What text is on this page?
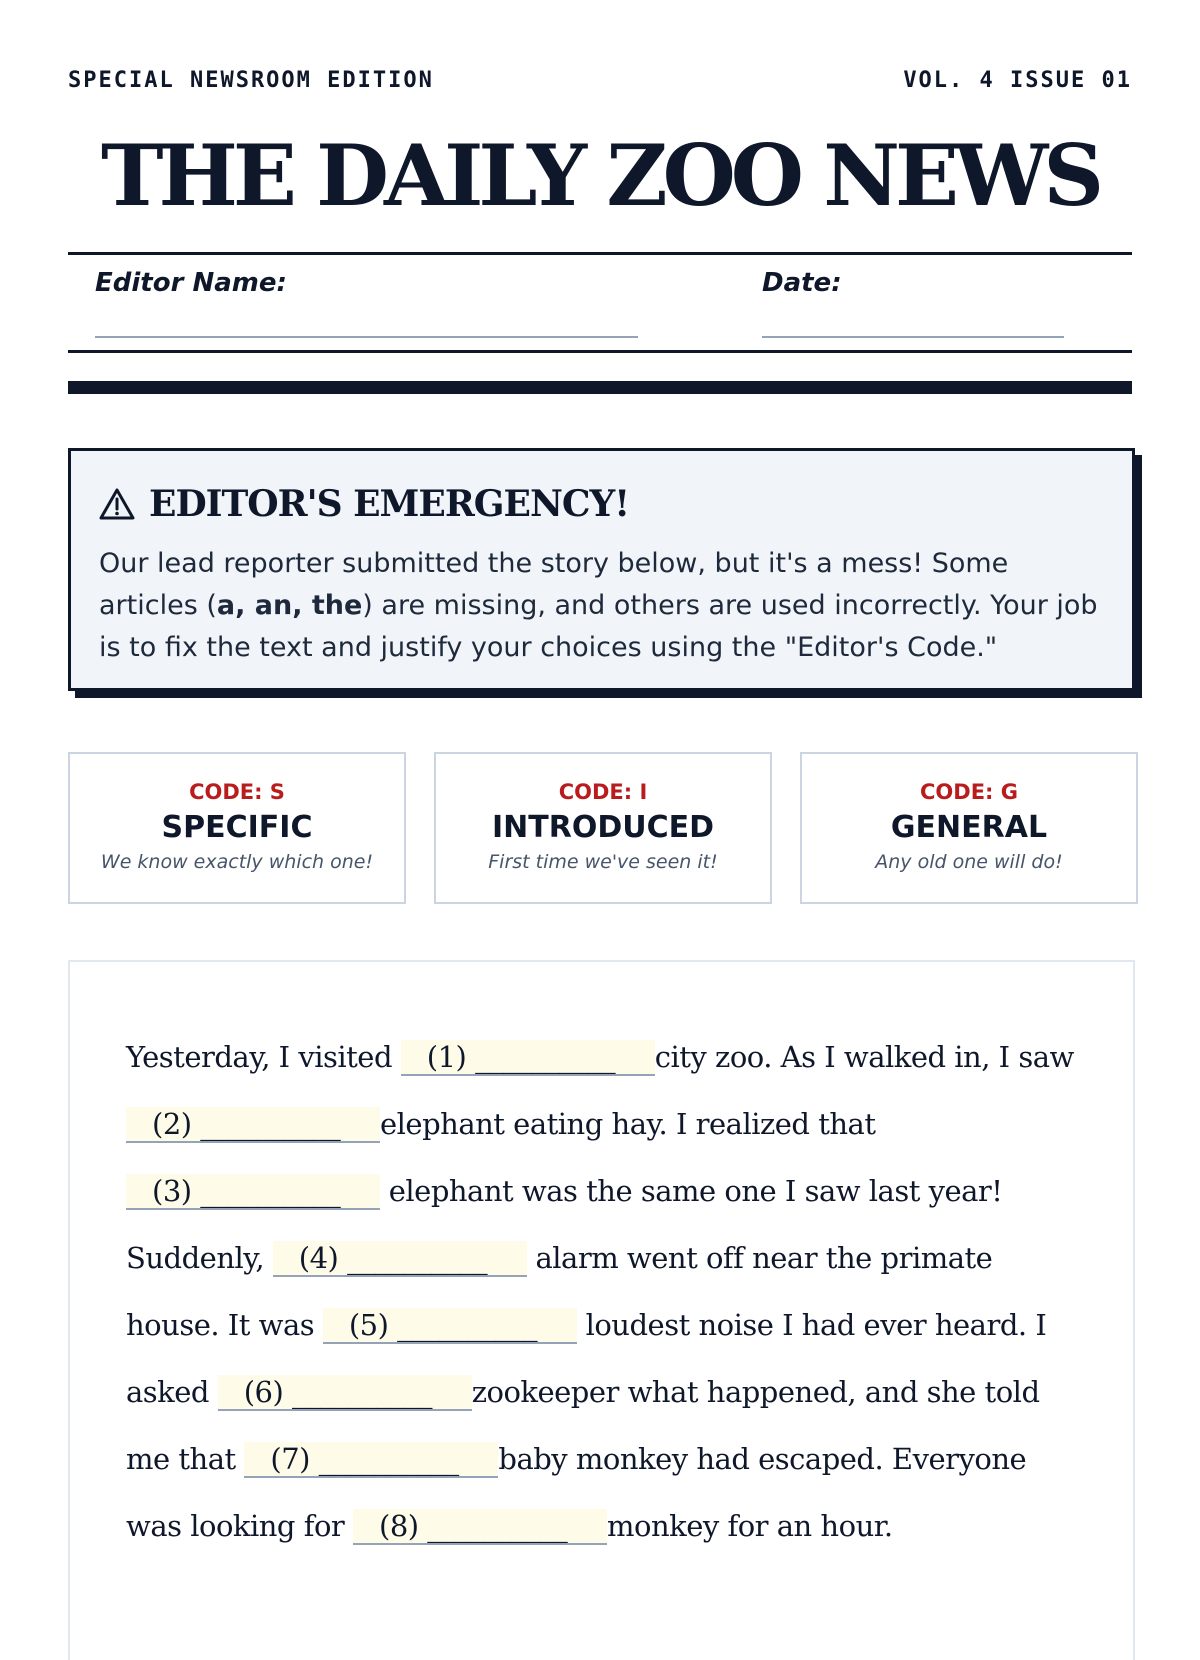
SPECIAL NEWSROOM EDITION	VOL. 4 ISSUE 01
THE DAILY ZOO NEWS
Editor Name:	Date:
EDITOR'S EMERGENCY!
Our lead reporter submitted the story below, but it's a mess! Some articles (a, an, the) are missing, and others are used incorrectly. Your job is to fix the text and justify your choices using the "Editor's Code."
CODE: S
SPECIFIC
We know exactly which one!
CODE: I
INTRODUCED
First time we've seen it!
CODE: G
GENERAL
Any old one will do!
Yesterday, I visited (1) __________ city zoo. As I walked in, I saw (2) __________ elephant eating hay. I realized that (3) __________ elephant was the same one I saw last year! Suddenly, (4) __________ alarm went off near the primate house. It was (5) __________ loudest noise I had ever heard. I asked (6) __________ zookeeper what happened, and she told me that (7) __________ baby monkey had escaped. Everyone was looking for (8) __________ monkey for an hour.
